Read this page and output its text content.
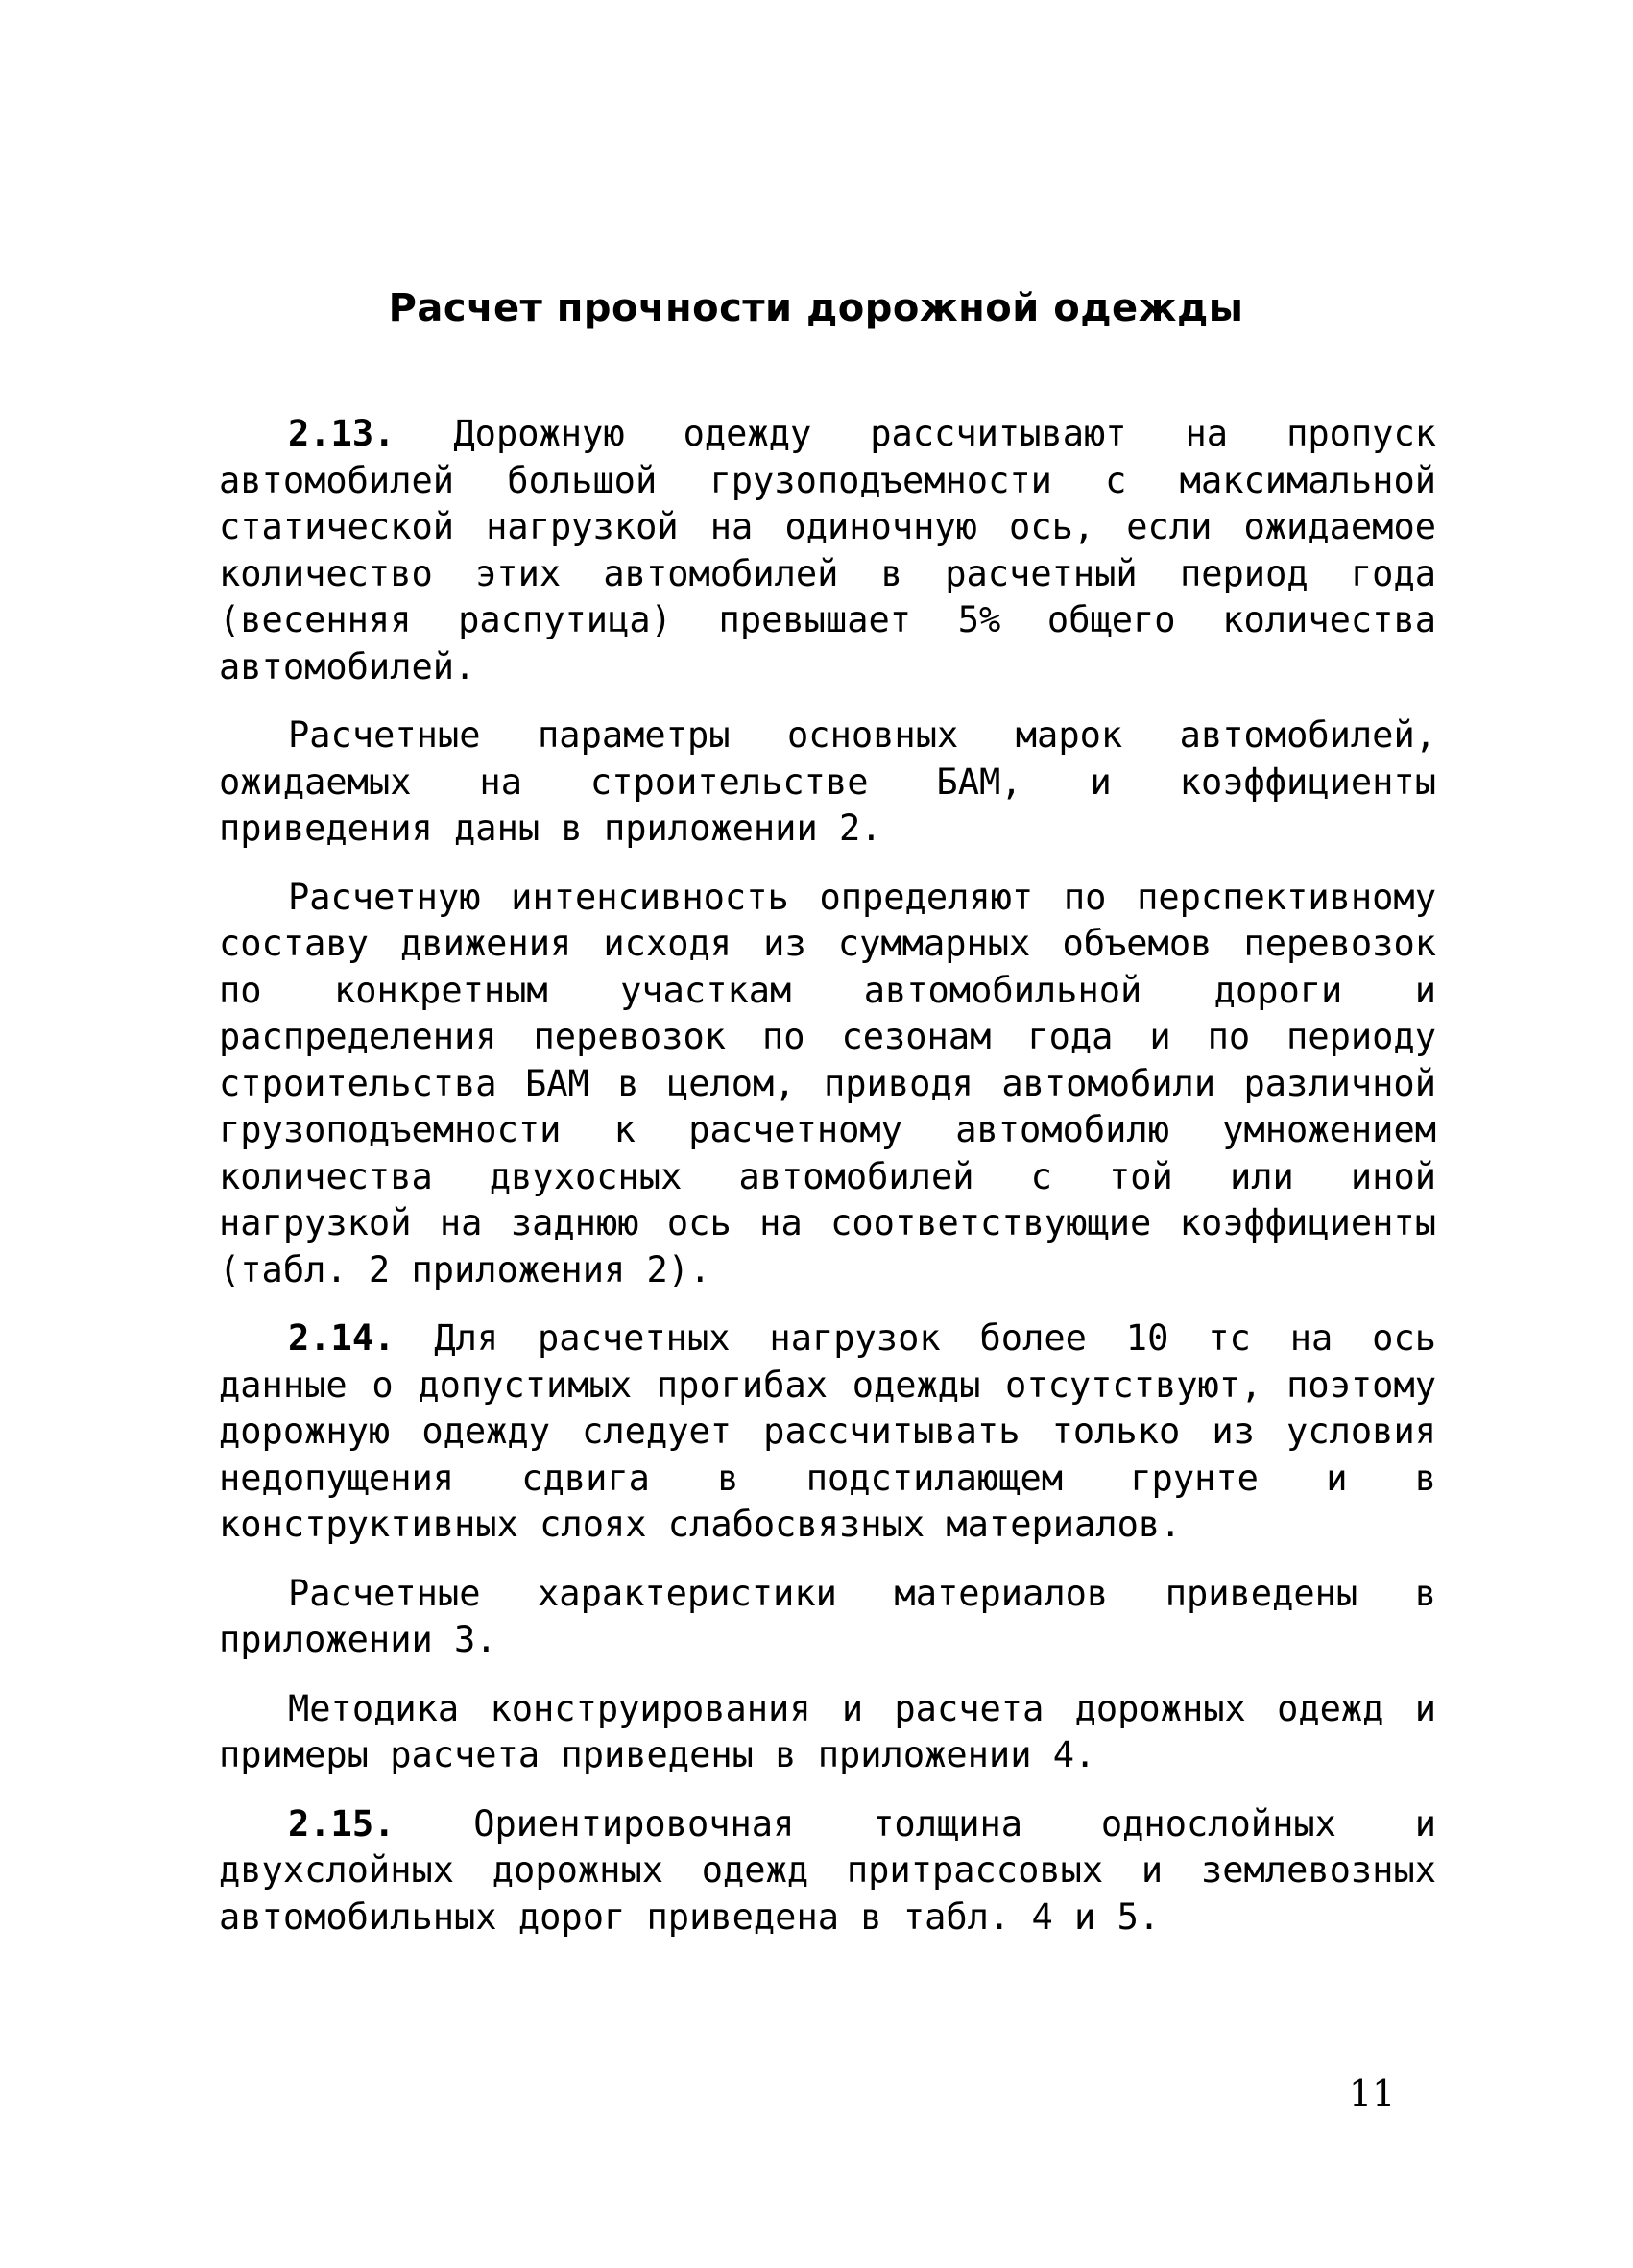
Расчет прочности дорожной одежды

2.13. Дорожную одежду рассчитывают на пропуск автомобилей большой грузоподъемности с максимальной статической нагрузкой на одиночную ось, если ожидаемое количество этих автомобилей в расчетный период года (весенняя распутица) превышает 5% общего количества автомобилей.

Расчетные параметры основных марок автомобилей, ожидаемых на строительстве БАМ, и коэффициенты приведения даны в приложении 2.

Расчетную интенсивность определяют по перспективному составу движения исходя из суммарных объемов перевозок по конкретным участкам автомобильной дороги и распределения перевозок по сезонам года и по периоду строительства БАМ в целом, приводя автомобили различной грузоподъемности к расчетному автомобилю умножением количества двухосных автомобилей с той или иной нагрузкой на заднюю ось на соответствующие коэффициенты (табл. 2 приложения 2).

2.14. Для расчетных нагрузок более 10 тс на ось данные о допустимых прогибах одежды отсутствуют, поэтому дорожную одежду следует рассчитывать только из условия недопущения сдвига в подстилающем грунте и в конструктивных слоях слабосвязных материалов.

Расчетные характеристики материалов приведены в приложении 3.

Методика конструирования и расчета дорожных одежд и примеры расчета приведены в приложении 4.

2.15. Ориентировочная толщина однослойных и двухслойных дорожных одежд притрассовых и землевозных автомобильных дорог приведена в табл. 4 и 5.

11
